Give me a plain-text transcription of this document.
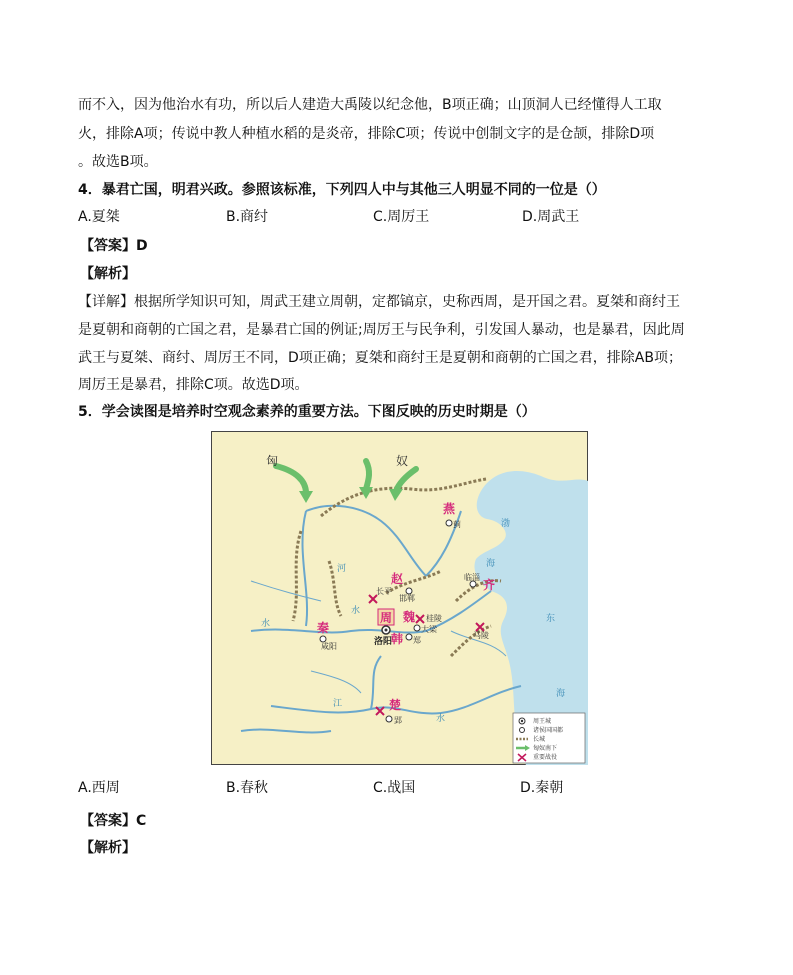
而不入，因为他治水有功，所以后人建造大禹陵以纪念他，B项正确；山顶洞人已经懂得人工取
火，排除A项；传说中教人种植水稻的是炎帝，排除C项；传说中创制文字的是仓颉，排除D项
。故选B项。
4．暴君亡国，明君兴政。参照该标准，下列四人中与其他三人明显不同的一位是（）
A.夏桀	B.商纣	C.周厉王	D.周武王
【答案】D
【解析】
【详解】根据所学知识可知，周武王建立周朝，定都镐京，史称西周，是开国之君。夏桀和商纣王
是夏朝和商朝的亡国之君，是暴君亡国的例证;周厉王与民争利，引发国人暴动，也是暴君，因此周
武王与夏桀、商纣、周厉王不同，D项正确；夏桀和商纣王是夏朝和商朝的亡国之君，排除AB项；
周厉王是暴君，排除C项。故选D项。
5．学会读图是培养时空观念素养的重要方法。下图反映的历史时期是（）
匈	奴
燕
赵	齐
秦
魏
韩
楚
周
蓟
邯郸
临淄
长平
桂陵
大梁
马陵
郑
咸阳
郢
洛阳
渤
海
东
海
河
水
水
江
水	周王城
诸侯国国都
长城
匈奴南下
重要战役
A.西周	B.春秋	C.战国	D.秦朝
【答案】C
【解析】
